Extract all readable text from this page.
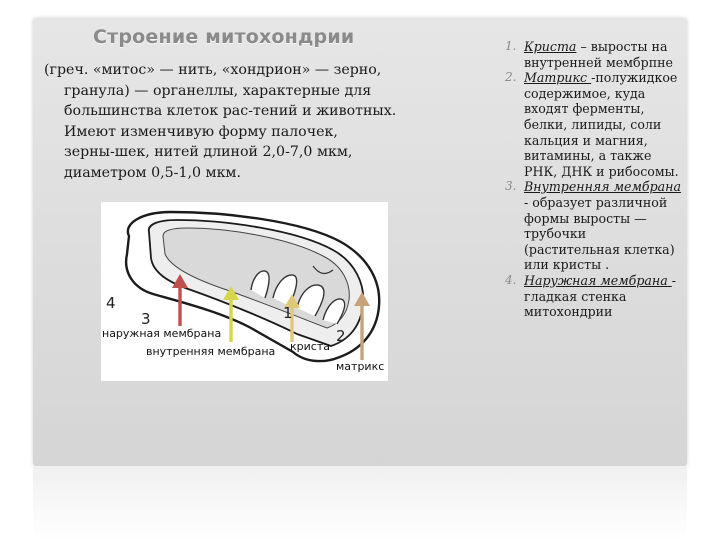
Строение митохондрии

(греч. «митос» — нить, «хондрион» — зерно,
гранула) — органеллы, характерные для
большинства клеток рас-тений и животных.
Имеют изменчивую форму палочек,
зерны-шек, нитей длиной 2,0-7,0 мкм,
диаметром 0,5-1,0 мкм.

4
3	1
2
наружная мембрана
внутренняя мембрана криста
матрикс
1. Криста – выросты на внутренней мембрпне
2. Матрикс -полужидкое содержимое, куда входят ферменты, белки, липиды, соли кальция и магния, витамины, а также РНК, ДНК и рибосомы.
3. Внутренняя мембрана - образует различной формы выросты — трубочки (растительная клетка) или кристы .
4. Наружная мембрана - гладкая стенка митохондрии
